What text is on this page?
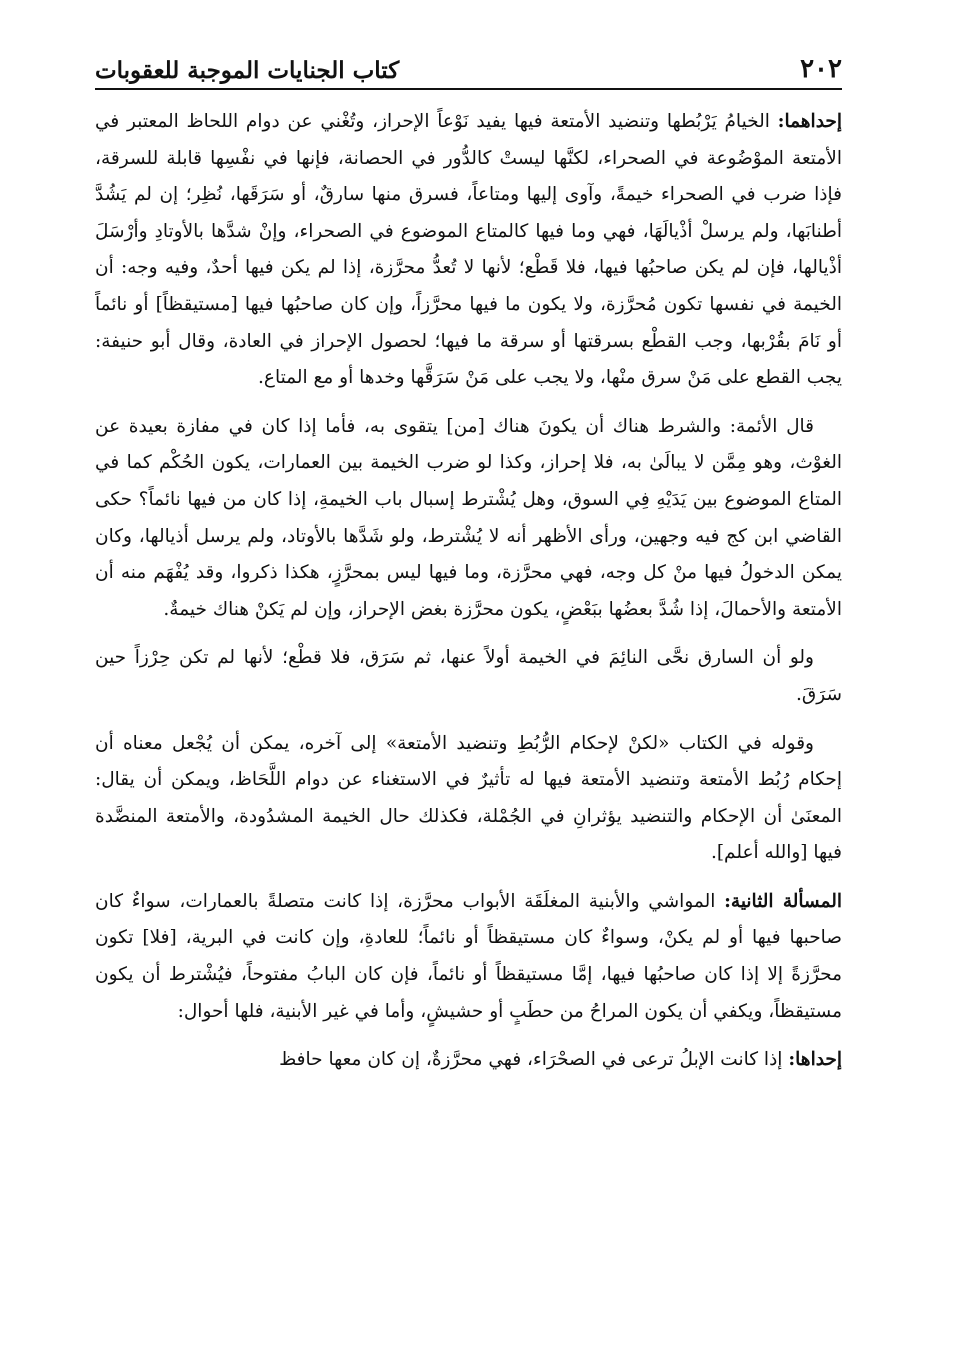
٢٠٢
كتاب الجنايات الموجبة للعقوبات

إحداهما: الخيامُ يَرْبُطها وتنضيد الأمتعة فيها يفيد نَوْعاً الإحراز، وتُغْني عن دوام اللحاظ المعتبر في الأمتعة الموْضُوعة في الصحراء، لكنَّها ليستْ كالدُّور في الحصانة، فإنها في نفْسِها قابلة للسرقة، فإذا ضرب في الصحراء خيمةً، وآوى إليها ومتاعاً، فسرق منها سارقٌ، أو سَرَقَها، نُظِر؛ إن لم يَشُدَّ أطنابَها، ولم يرسلْ أذْيالَهَا، فهي وما فيها كالمتاع الموضوع في الصحراء، وإنْ شدَّها بالأوتادِ وأرْسَلَ أذْيالها، فإن لم يكن صاحبُها فيها، فلا قَطْع؛ لأنها لا تُعدُّ محرَّزة، إذا لم يكن فيها أحدٌ، وفيه وجه: أن الخيمة في نفسها تكون مُحرَّزة، ولا يكون ما فيها محرَّزاً، وإن كان صاحبُها فيها [مستيقظاً] أو نائماً أو نَامَ بقُرْبها، وجب القطْع بسرقتها أو سرقة ما فيها؛ لحصول الإحراز في العادة، وقال أبو حنيفة: يجب القطع على مَنْ سرق منْها، ولا يجب على مَنْ سَرَقَّها وخدها أو مع المتاع.

قال الأئمة: والشرط هناك أن يكونَ هناك [من] يتقوى به، فأما إذا كان في مفازة بعيدة عن الغوْث، وهو مِمَّن لا يبالَىٰ به، فلا إحراز، وكذا لو ضرب الخيمة بين العمارات، يكون الحُكْم كما في المتاع الموضوع بين يَدَيْهِ فِي السوق، وهل يُشْترط إسبال باب الخيمةِ، إذا كان من فيها نائماً؟ حكى القاضي ابن كج فيه وجهين، ورأى الأظهر أنه لا يُشْترط، ولو شَدَّها بالأوتاد، ولم يرسل أذيالها، وكان يمكن الدخولُ فيها منْ كل وجه، فهي محرَّزة، وما فيها ليس بمحرَّزٍ، هكذا ذكروا، وقد يُفْهَم منه أن الأمتعة والأحمالَ، إذا شُدَّ بعضُها ببَعْضٍ، يكون محرَّزة بغض الإحراز، وإن لم يَكنْ هناك خيمةٌ.

ولو أن السارق نحَّى النائِمَ في الخيمة أولاً عنها، ثم سَرَق، فلا قطْع؛ لأنها لم تكن حِرْزاً حين سَرَقَ.

وقوله في الكتاب «لكنْ لإحكام الرُّبُطِ وتنضيد الأمتعة» إلى آخره، يمكن أن يُجْعل معناه أن إحكام رُبُط الأمتعة وتنضيد الأمتعة فيها له تأثيرٌ في الاستغناء عن دوام اللَّحَاظ، ويمكن أن يقال: المعنَىٰ أن الإحكام والتنضيد يؤثرانِ في الجُمْلة، فكذلك حال الخيمة المشدُودة، والأمتعة المنضَّدة فيها [والله أعلم].

المسألة الثانية: المواشي والأبنية المغلَقَة الأبواب محرَّزة، إذا كانت متصلةً بالعمارات، سواءٌ كان صاحبها فيها أو لم يكنْ، وسواءٌ كان مستيقظاً أو نائماً؛ للعادةِ، وإن كانت في البرية، [فلا] تكون محرَّزةً إلا إذا كان صاحبُها فيها، إمَّا مستيقظاً أو نائماً، فإن كان البابُ مفتوحاً، فيُشْترط أن يكون مستيقظاً، ويكفي أن يكون المراحُ من حطَبٍ أو حشيشٍ، وأما في غير الأبنية، فلها أحوال:

إحداها: إذا كانت الإبلُ ترعى في الصحْرَاء، فهي محرَّزةٌ، إن كان معها حافظ
